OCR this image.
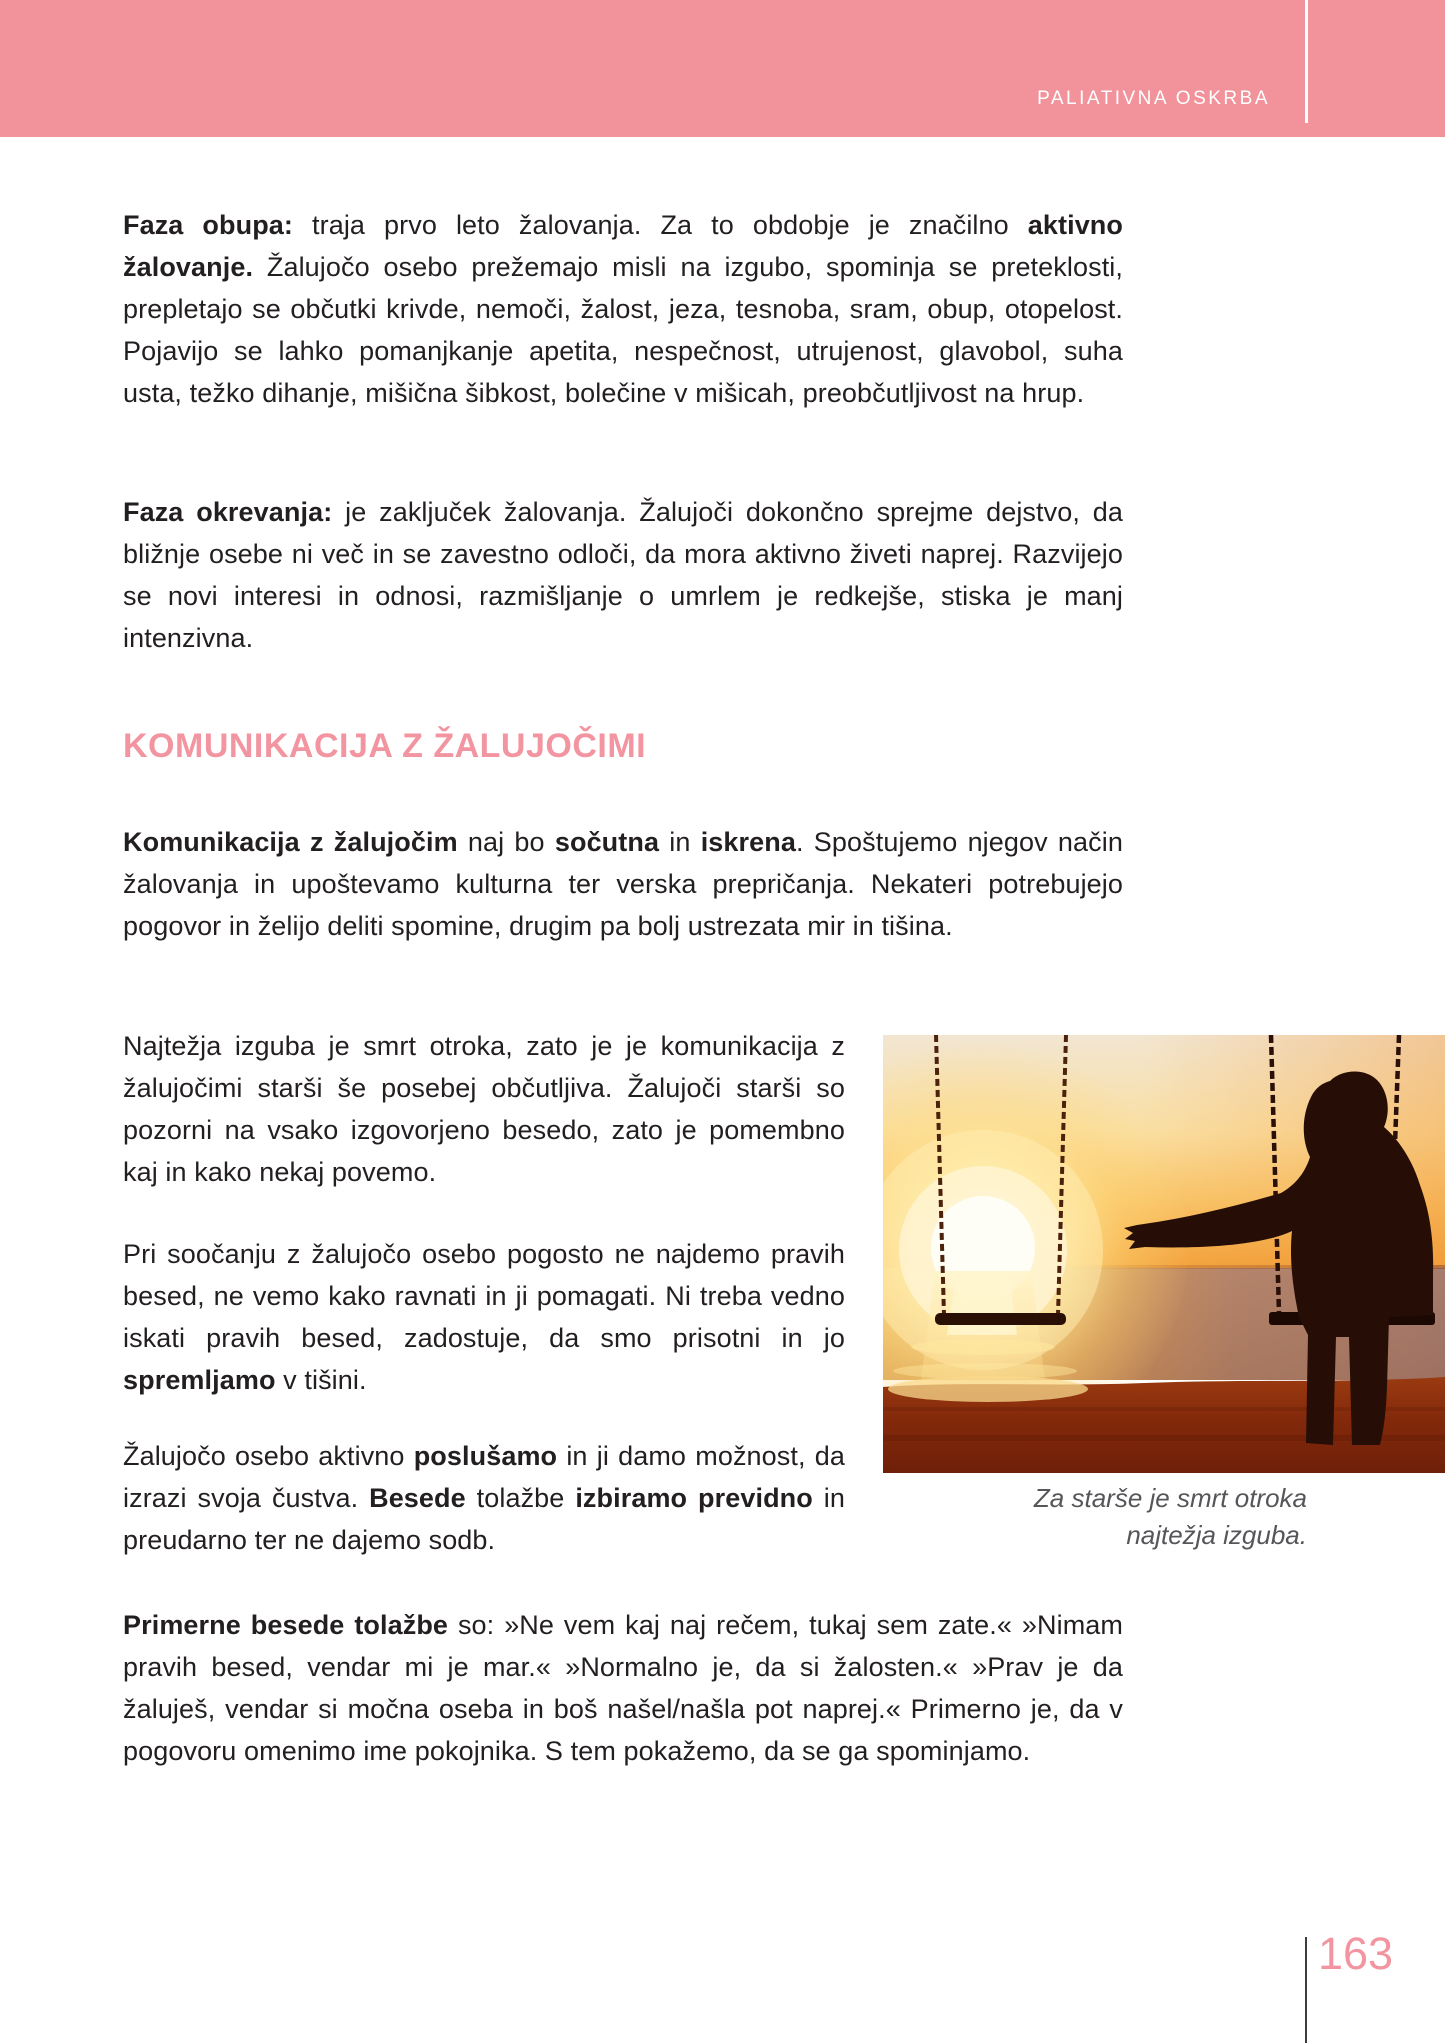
PALIATIVNA OSKRBA

Faza obupa: traja prvo leto žalovanja. Za to obdobje je značilno aktivno žalovanje. Žalujočo osebo prežemajo misli na izgubo, spominja se preteklosti, prepletajo se občutki krivde, nemoči, žalost, jeza, tesnoba, sram, obup, otopelost. Pojavijo se lahko pomanjkanje apetita, nespečnost, utrujenost, glavobol, suha usta, težko dihanje, mišična šibkost, bolečine v mišicah, preobčutljivost na hrup.

Faza okrevanja: je zaključek žalovanja. Žalujoči dokončno sprejme dejstvo, da bližnje osebe ni več in se zavestno odloči, da mora aktivno živeti naprej. Razvijejo se novi interesi in odnosi, razmišljanje o umrlem je redkejše, stiska je manj intenzivna.

KOMUNIKACIJA Z ŽALUJOČIMI

Komunikacija z žalujočim naj bo sočutna in iskrena. Spoštujemo njegov način žalovanja in upoštevamo kulturna ter verska prepričanja. Nekateri potrebujejo pogovor in želijo deliti spomine, drugim pa bolj ustrezata mir in tišina.

Najtežja izguba je smrt otroka, zato je je komunikacija z žalujočimi starši še posebej občutljiva. Žalujoči starši so pozorni na vsako izgovorjeno besedo, zato je pomembno kaj in kako nekaj povemo.

Pri soočanju z žalujočo osebo pogosto ne najdemo pravih besed, ne vemo kako ravnati in ji pomagati. Ni treba vedno iskati pravih besed, zadostuje, da smo prisotni in jo spremljamo v tišini.

Žalujočo osebo aktivno poslušamo in ji damo možnost, da izrazi svoja čustva. Besede tolažbe izbiramo previdno in preudarno ter ne dajemo sodb.

Primerne besede tolažbe so: »Ne vem kaj naj rečem, tukaj sem zate.« »Nimam pravih besed, vendar mi je mar.« »Normalno je, da si žalosten.« »Prav je da žaluješ, vendar si močna oseba in boš našel/našla pot naprej.« Primerno je, da v pogovoru omenimo ime pokojnika. S tem pokažemo, da se ga spominjamo.

Za starše je smrt otroka
najtežja izguba.
163
